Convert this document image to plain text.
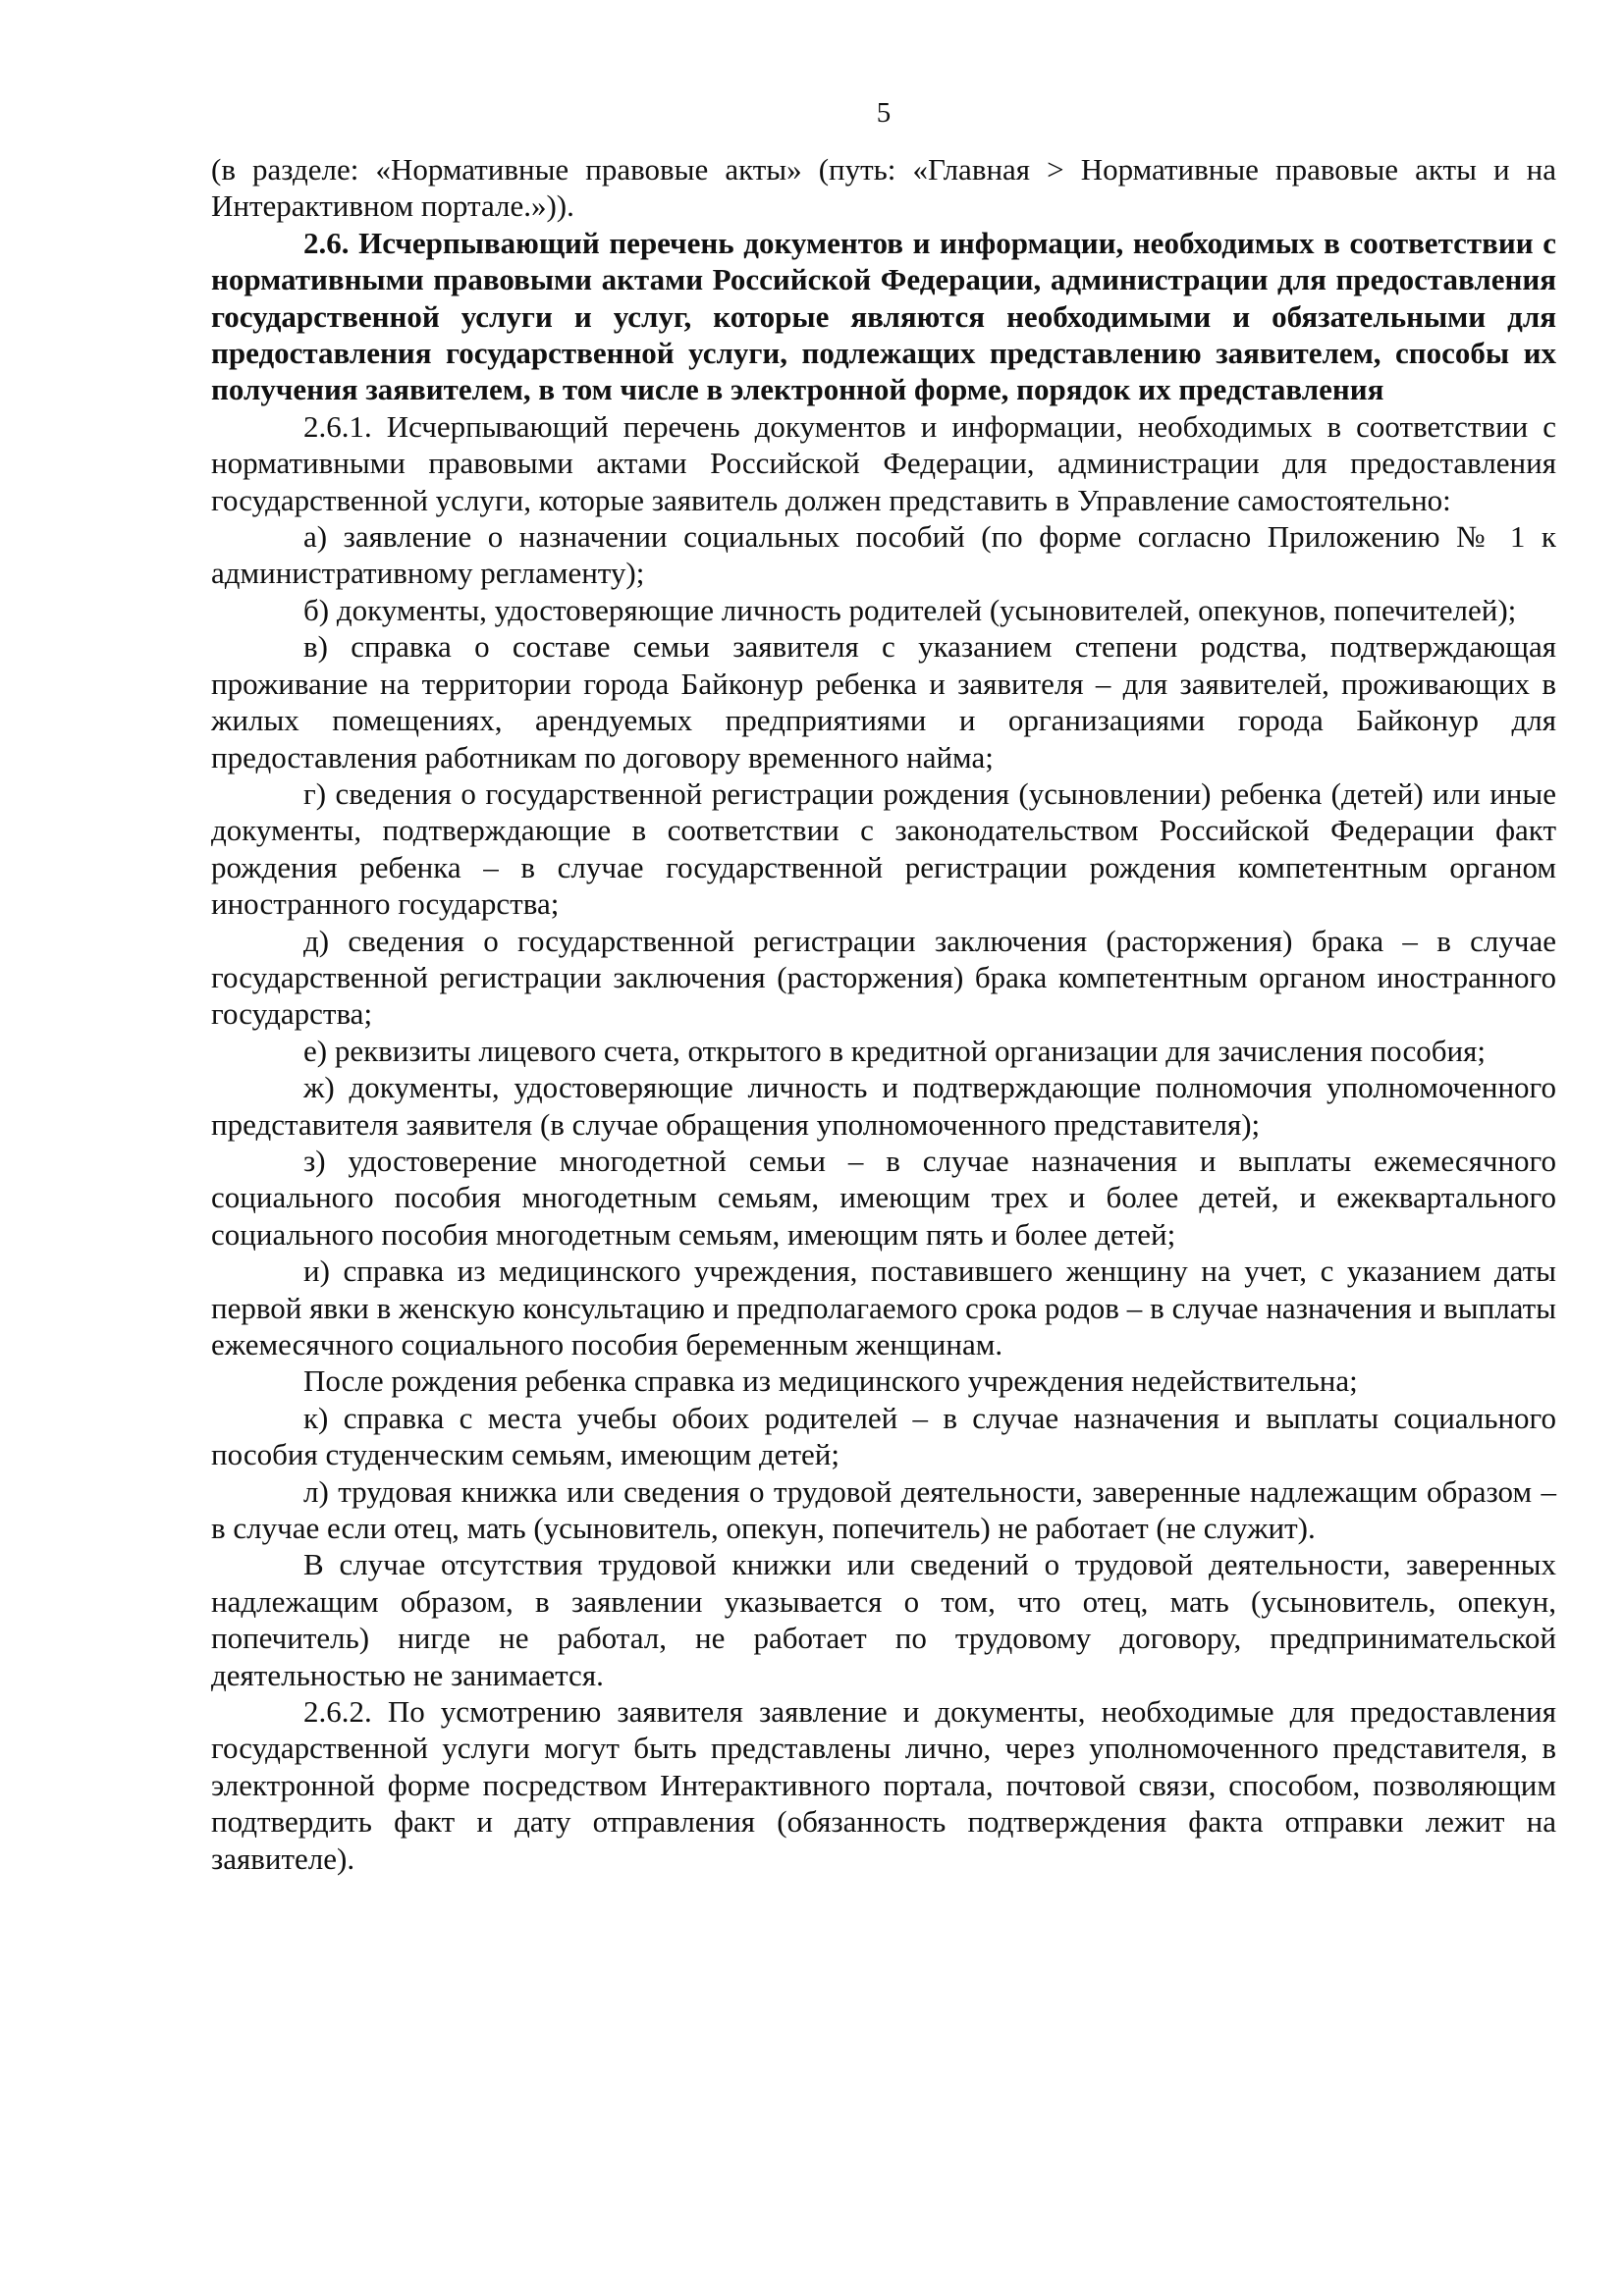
5

(в разделе: «Нормативные правовые акты» (путь: «Главная > Нормативные правовые акты и на Интерактивном портале.»)).

2.6. Исчерпывающий перечень документов и информации, необходимых в соответствии с нормативными правовыми актами Российской Федерации, администрации для предоставления государственной услуги и услуг, которые являются необходимыми и обязательными для предоставления государственной услуги, подлежащих представлению заявителем, способы их получения заявителем, в том числе в электронной форме, порядок их представления

2.6.1. Исчерпывающий перечень документов и информации, необходимых в соответствии с нормативными правовыми актами Российской Федерации, администрации для предоставления государственной услуги, которые заявитель должен представить в Управление самостоятельно:

а) заявление о назначении социальных пособий (по форме согласно Приложению № 1 к административному регламенту);

б) документы, удостоверяющие личность родителей (усыновителей, опекунов, попечителей);

в) справка о составе семьи заявителя с указанием степени родства, подтверждающая проживание на территории города Байконур ребенка и заявителя – для заявителей, проживающих в жилых помещениях, арендуемых предприятиями и организациями города Байконур для предоставления работникам по договору временного найма;

г) сведения о государственной регистрации рождения (усыновлении) ребенка (детей) или иные документы, подтверждающие в соответствии с законодательством Российской Федерации факт рождения ребенка – в случае государственной регистрации рождения компетентным органом иностранного государства;

д) сведения о государственной регистрации заключения (расторжения) брака – в случае государственной регистрации заключения (расторжения) брака компетентным органом иностранного государства;

е) реквизиты лицевого счета, открытого в кредитной организации для зачисления пособия;

ж) документы, удостоверяющие личность и подтверждающие полномочия уполномоченного представителя заявителя (в случае обращения уполномоченного представителя);

з) удостоверение многодетной семьи – в случае назначения и выплаты ежемесячного социального пособия многодетным семьям, имеющим трех и более детей, и ежеквартального социального пособия многодетным семьям, имеющим пять и более детей;

и) справка из медицинского учреждения, поставившего женщину на учет, с указанием даты первой явки в женскую консультацию и предполагаемого срока родов – в случае назначения и выплаты ежемесячного социального пособия беременным женщинам.

После рождения ребенка справка из медицинского учреждения недействительна;

к) справка с места учебы обоих родителей – в случае назначения и выплаты социального пособия студенческим семьям, имеющим детей;

л) трудовая книжка или сведения о трудовой деятельности, заверенные надлежащим образом – в случае если отец, мать (усыновитель, опекун, попечитель) не работает (не служит).

В случае отсутствия трудовой книжки или сведений о трудовой деятельности, заверенных надлежащим образом, в заявлении указывается о том, что отец, мать (усыновитель, опекун, попечитель) нигде не работал, не работает по трудовому договору, предпринимательской деятельностью не занимается.

2.6.2. По усмотрению заявителя заявление и документы, необходимые для предоставления государственной услуги могут быть представлены лично, через уполномоченного представителя, в электронной форме посредством Интерактивного портала, почтовой связи, способом, позволяющим подтвердить факт и дату отправления (обязанность подтверждения факта отправки лежит на заявителе).
